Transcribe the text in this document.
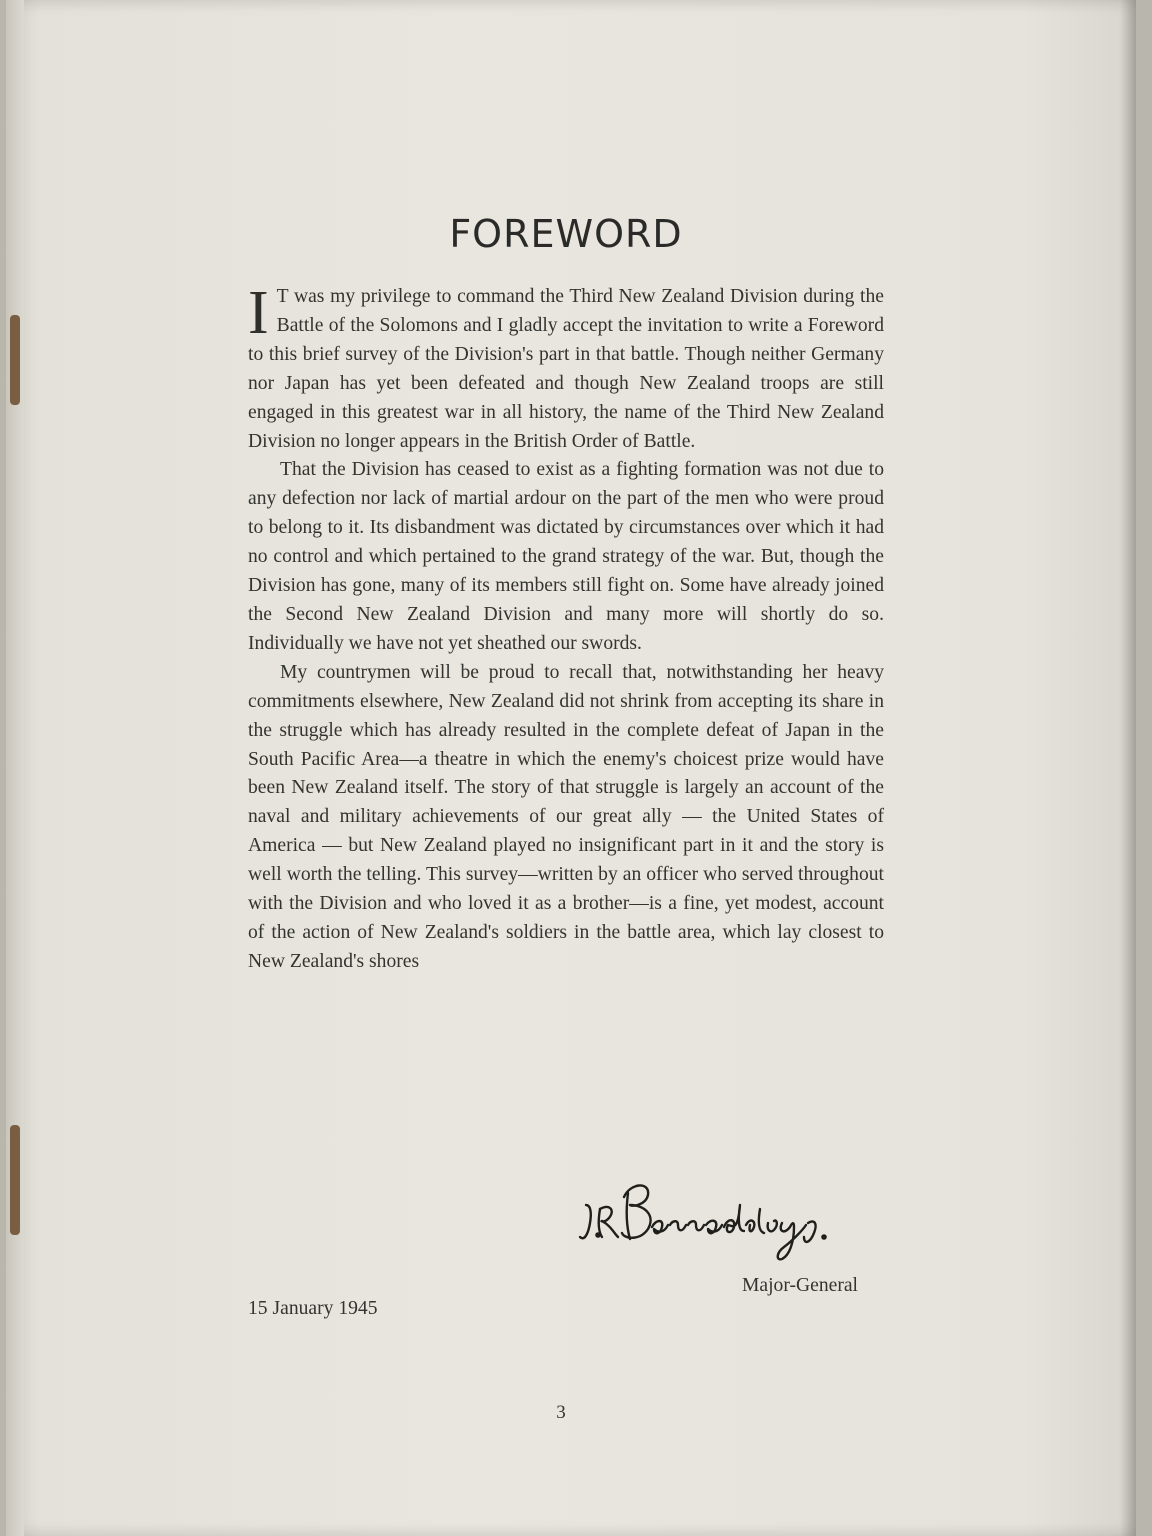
FOREWORD

I T was my privilege to command the Third New Zealand Division during the Battle of the Solomons and I gladly accept the invitation to write a Foreword to this brief survey of the Division's part in that battle. Though neither Germany nor Japan has yet been defeated and though New Zealand troops are still engaged in this greatest war in all history, the name of the Third New Zealand Division no longer appears in the British Order of Battle.

That the Division has ceased to exist as a fighting formation was not due to any defection nor lack of martial ardour on the part of the men who were proud to belong to it. Its disbandment was dictated by circumstances over which it had no control and which pertained to the grand strategy of the war. But, though the Division has gone, many of its members still fight on. Some have already joined the Second New Zealand Division and many more will shortly do so. Individually we have not yet sheathed our swords.

My countrymen will be proud to recall that, notwithstanding her heavy commitments elsewhere, New Zealand did not shrink from accepting its share in the struggle which has already resulted in the complete defeat of Japan in the South Pacific Area—a theatre in which the enemy's choicest prize would have been New Zealand itself. The story of that struggle is largely an account of the naval and military achievements of our great ally — the United States of America — but New Zealand played no insignificant part in it and the story is well worth the telling. This survey—written by an officer who served throughout with the Division and who loved it as a brother—is a fine, yet modest, account of the action of New Zealand's soldiers in the battle area, which lay closest to New Zealand's shores

Major-General
15 January 1945
3
